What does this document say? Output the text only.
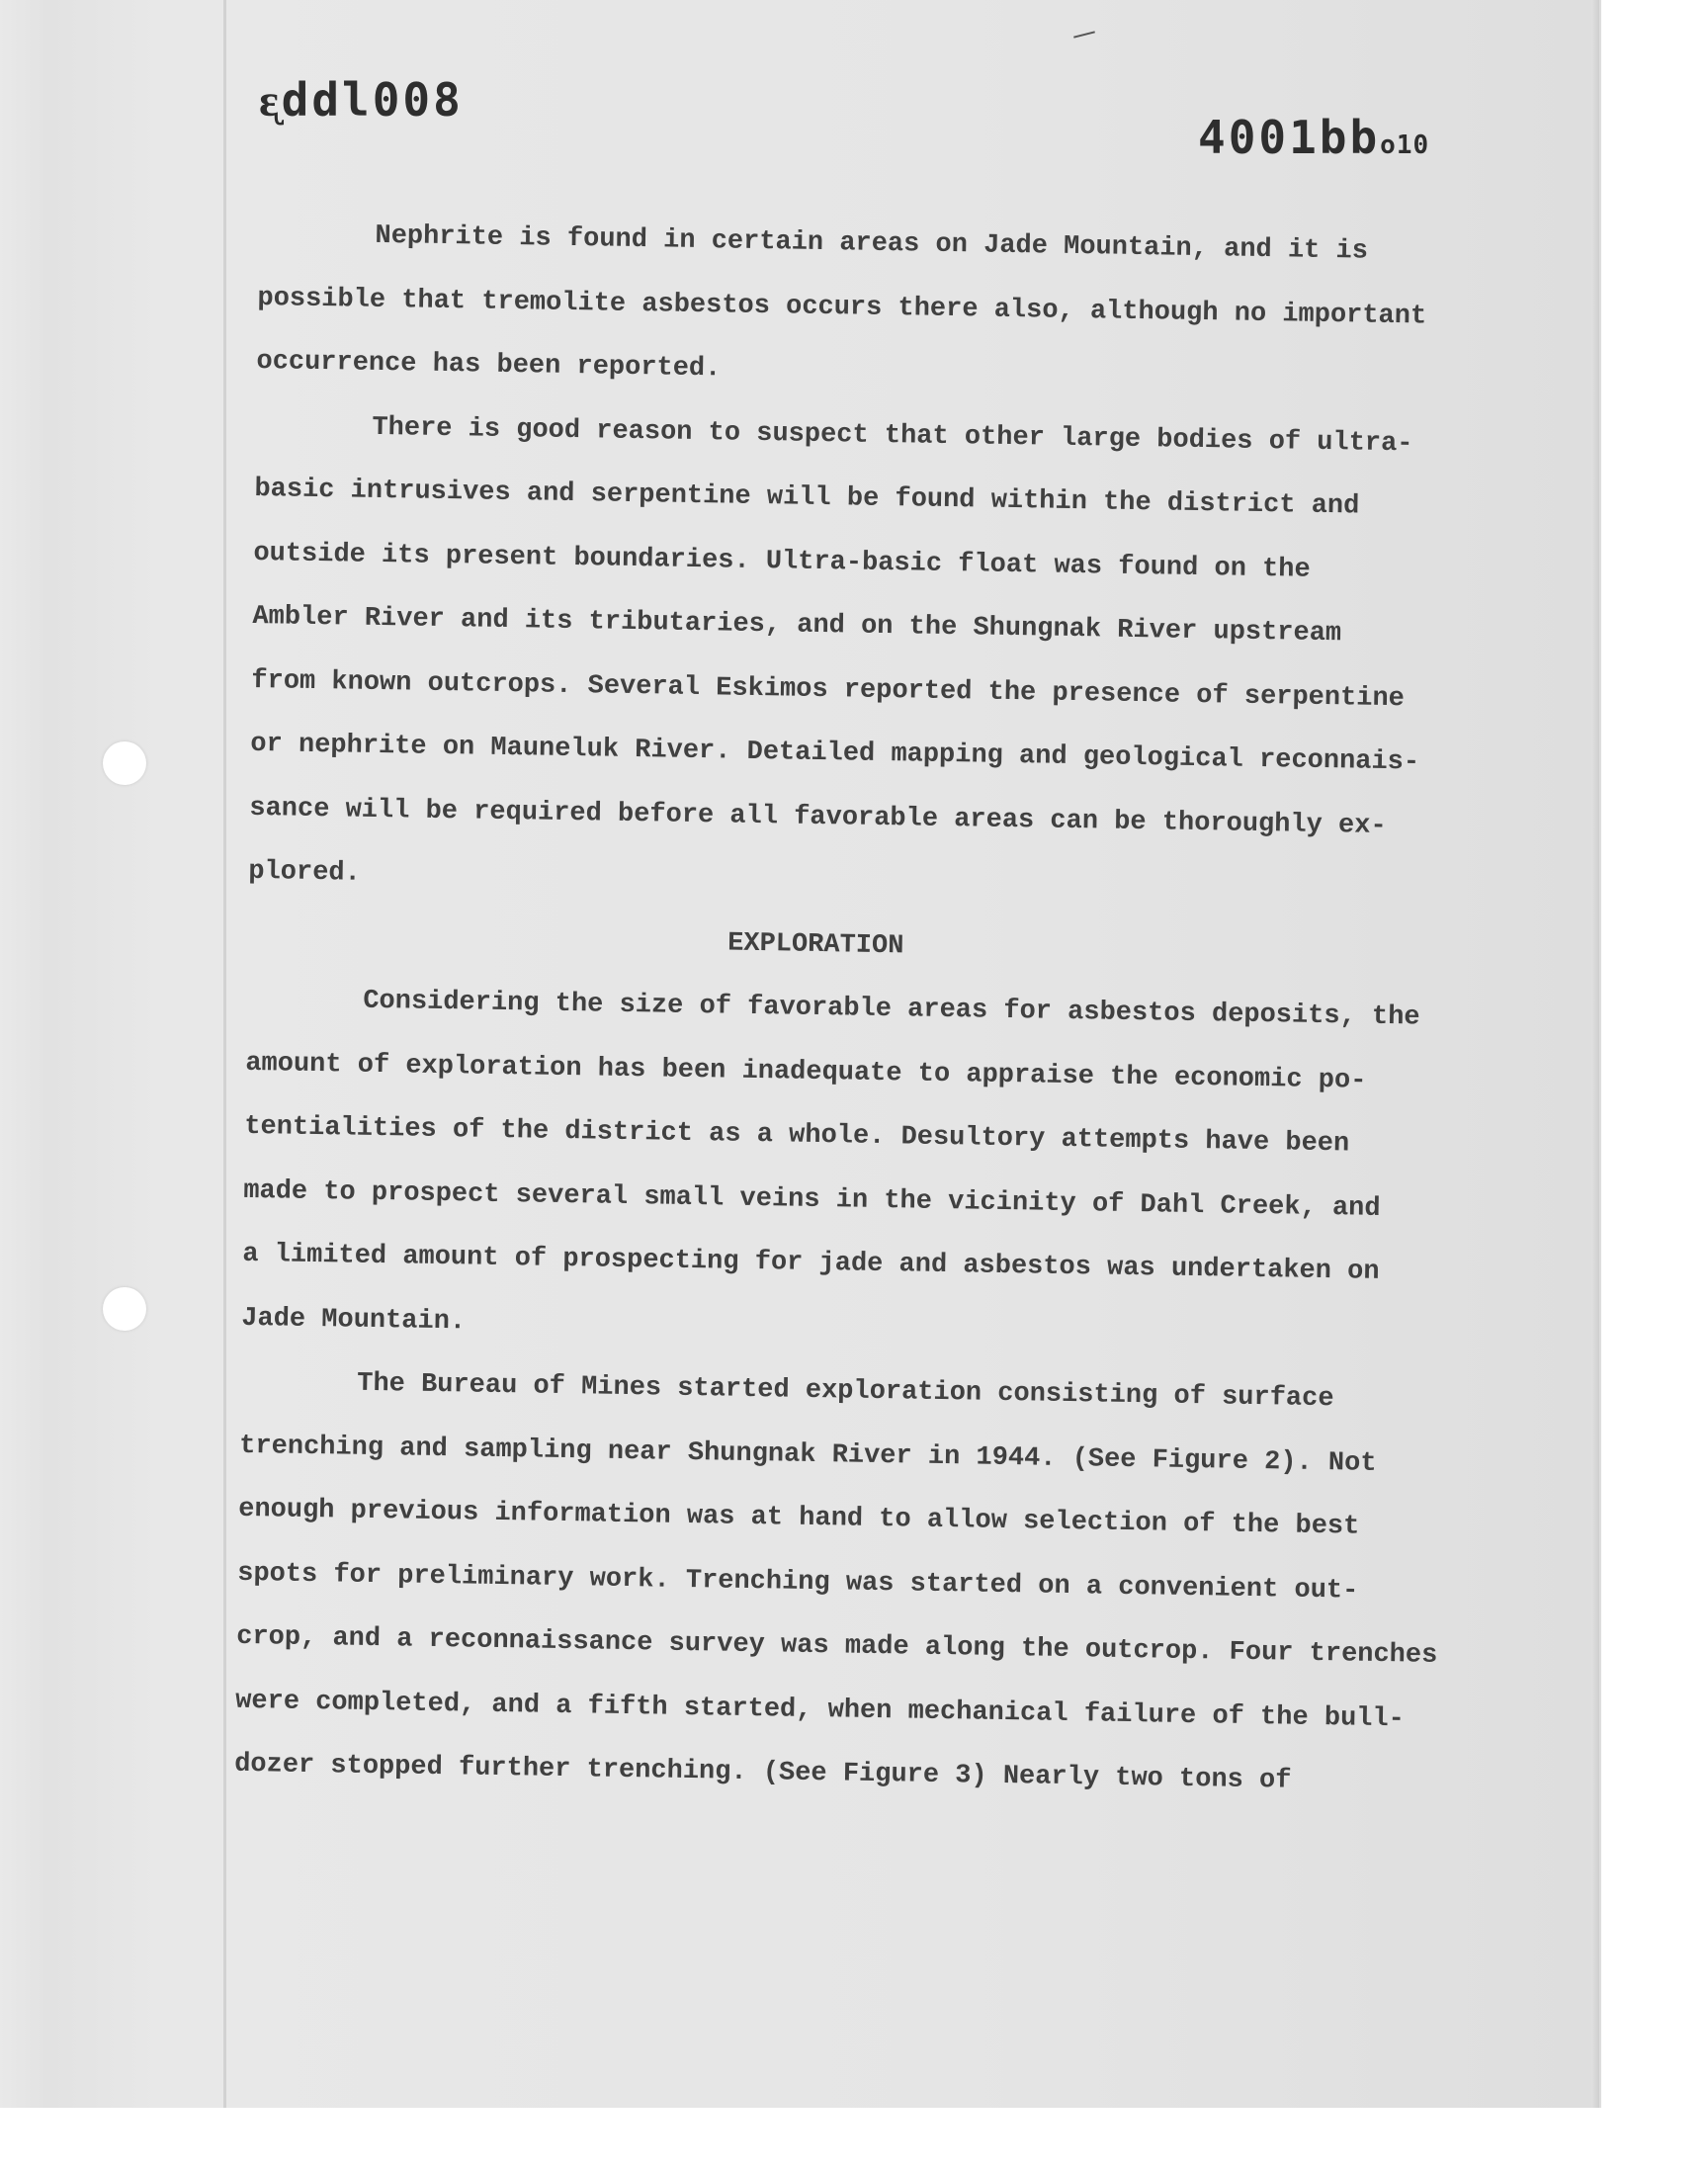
ᶓddl008
4001bbo10

Nephrite is found in certain areas on Jade Mountain, and it is
possible that tremolite asbestos occurs there also, although no important
occurrence has been reported.

There is good reason to suspect that other large bodies of ultra-
basic intrusives and serpentine will be found within the district and
outside its present boundaries. Ultra-basic float was found on the
Ambler River and its tributaries, and on the Shungnak River upstream
from known outcrops. Several Eskimos reported the presence of serpentine
or nephrite on Mauneluk River. Detailed mapping and geological reconnais-
sance will be required before all favorable areas can be thoroughly ex-
plored.

EXPLORATION

Considering the size of favorable areas for asbestos deposits, the
amount of exploration has been inadequate to appraise the economic po-
tentialities of the district as a whole. Desultory attempts have been
made to prospect several small veins in the vicinity of Dahl Creek, and
a limited amount of prospecting for jade and asbestos was undertaken on
Jade Mountain.

The Bureau of Mines started exploration consisting of surface
trenching and sampling near Shungnak River in 1944. (See Figure 2). Not
enough previous information was at hand to allow selection of the best
spots for preliminary work. Trenching was started on a convenient out-
crop, and a reconnaissance survey was made along the outcrop. Four trenches
were completed, and a fifth started, when mechanical failure of the bull-
dozer stopped further trenching. (See Figure 3) Nearly two tons of
